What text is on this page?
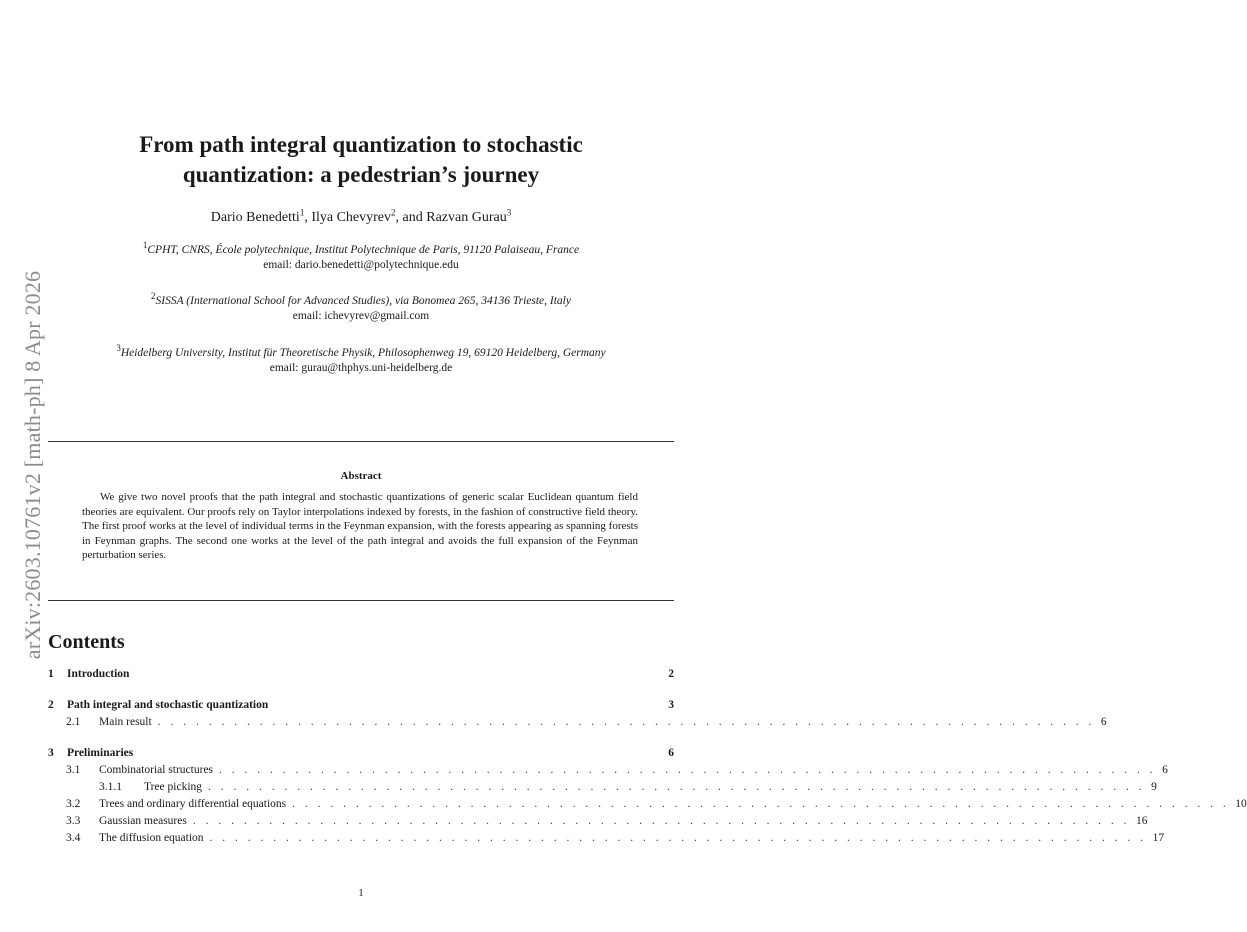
arXiv:2603.10761v2 [math-ph] 8 Apr 2026
From path integral quantization to stochastic
quantization: a pedestrian’s journey
Dario Benedetti$^1$, Ilya Chevyrev$^2$, and Razvan Gurau$^3$
$^1$CPHT, CNRS, École polytechnique, Institut Polytechnique de Paris, 91120 Palaiseau, France
email: dario.benedetti@polytechnique.edu
$^2$SISSA (International School for Advanced Studies), via Bonomea 265, 34136 Trieste, Italy
email: ichevyrev@gmail.com
$^3$Heidelberg University, Institut für Theoretische Physik, Philosophenweg 19, 69120 Heidelberg, Germany
email: gurau@thphys.uni-heidelberg.de
Abstract
We give two novel proofs that the path integral and stochastic quantizations of generic scalar Euclidean quantum field theories are equivalent. Our proofs rely on Taylor interpolations indexed by forests, in the fashion of constructive field theory. The first proof works at the level of individual terms in the Feynman expansion, with the forests appearing as spanning forests in Feynman graphs. The second one works at the level of the path integral and avoids the full expansion of the Feynman perturbation series.
Contents
1	Introduction	2
2	Path integral and stochastic quantization	3
2.1	Main result . . . . . . . . . . . . . . . . . . . . . . . . . . . . . . . . . . . . . . . . . . . . . . . . . . . . . . . . . . . . . . . . . . . . . . . . . . 6
3	Preliminaries	6
3.1	Combinatorial structures . . . . . . . . . . . . . . . . . . . . . . . . . . . . . . . . . . . . . . . . . . . . . . . . . . . . . . . . . . . . . . . . . . . . . . . . . . 6
3.1.1	Tree picking . . . . . . . . . . . . . . . . . . . . . . . . . . . . . . . . . . . . . . . . . . . . . . . . . . . . . . . . . . . . . . . . . . . . . . . . . . 9
3.2	Trees and ordinary differential equations . . . . . . . . . . . . . . . . . . . . . . . . . . . . . . . . . . . . . . . . . . . . . . . . . . . . . . . . . . . . . . . . . . . . . . . . . . 10
3.3	Gaussian measures . . . . . . . . . . . . . . . . . . . . . . . . . . . . . . . . . . . . . . . . . . . . . . . . . . . . . . . . . . . . . . . . . . . . . . . . . . 16
3.4	The diffusion equation . . . . . . . . . . . . . . . . . . . . . . . . . . . . . . . . . . . . . . . . . . . . . . . . . . . . . . . . . . . . . . . . . . . . . . . . . . 17
1
